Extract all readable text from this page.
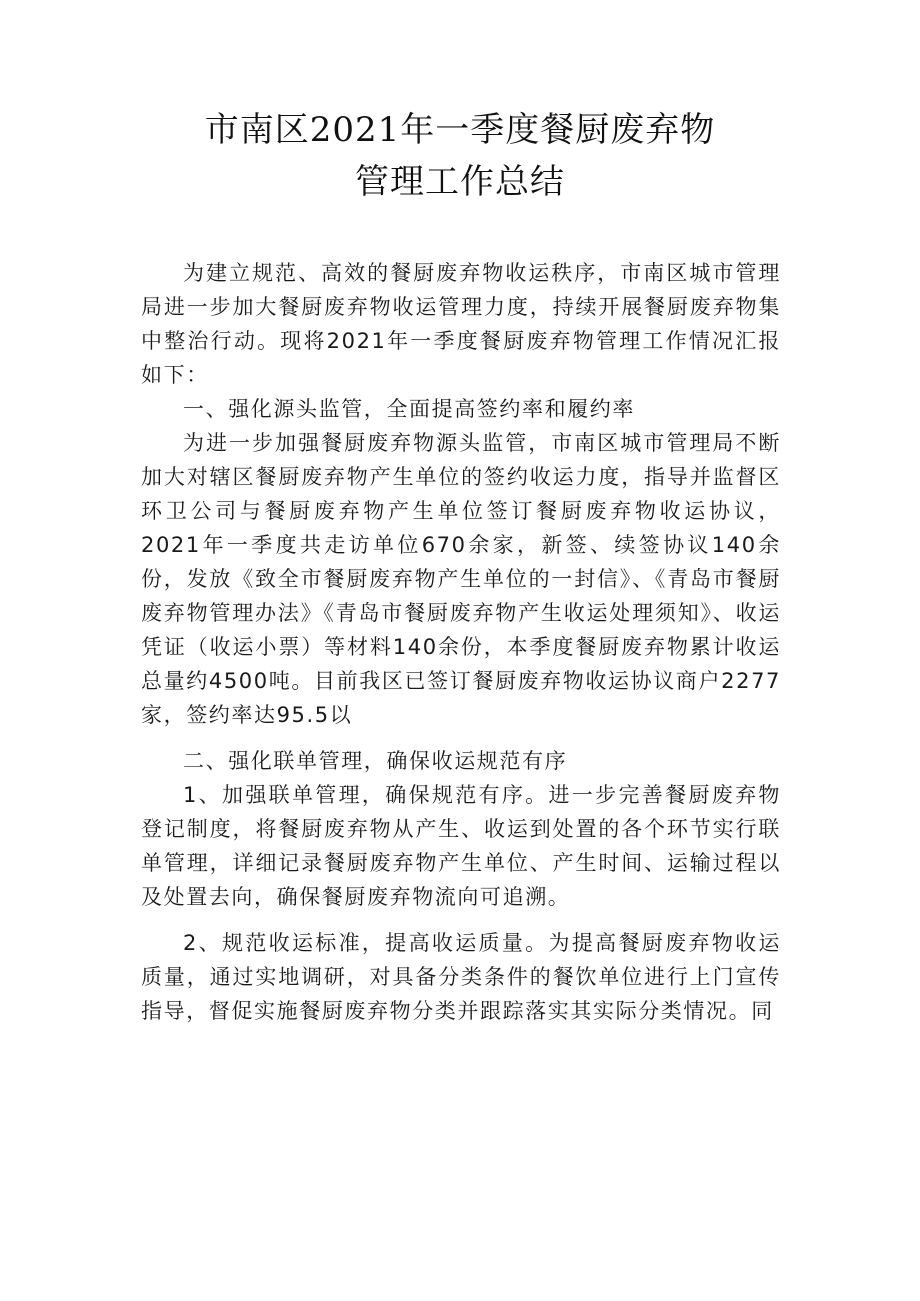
市南区2021年一季度餐厨废弃物
管理工作总结

为建立规范、高效的餐厨废弃物收运秩序，市南区城市管理局进一步加大餐厨废弃物收运管理力度，持续开展餐厨废弃物集中整治行动。现将2021年一季度餐厨废弃物管理工作情况汇报如下：

一、强化源头监管，全面提高签约率和履约率

为进一步加强餐厨废弃物源头监管，市南区城市管理局不断加大对辖区餐厨废弃物产生单位的签约收运力度，指导并监督区环卫公司与餐厨废弃物产生单位签订餐厨废弃物收运协议，2021年一季度共走访单位670余家，新签、续签协议140余份，发放《致全市餐厨废弃物产生单位的一封信》、《青岛市餐厨废弃物管理办法》《青岛市餐厨废弃物产生收运处理须知》、收运凭证（收运小票）等材料140余份，本季度餐厨废弃物累计收运总量约4500吨。目前我区已签订餐厨废弃物收运协议商户2277家，签约率达95.5以

二、强化联单管理，确保收运规范有序

1、加强联单管理，确保规范有序。进一步完善餐厨废弃物登记制度，将餐厨废弃物从产生、收运到处置的各个环节实行联单管理，详细记录餐厨废弃物产生单位、产生时间、运输过程以及处置去向，确保餐厨废弃物流向可追溯。

2、规范收运标准，提高收运质量。为提高餐厨废弃物收运质量，通过实地调研，对具备分类条件的餐饮单位进行上门宣传指导，督促实施餐厨废弃物分类并跟踪落实其实际分类情况。同
